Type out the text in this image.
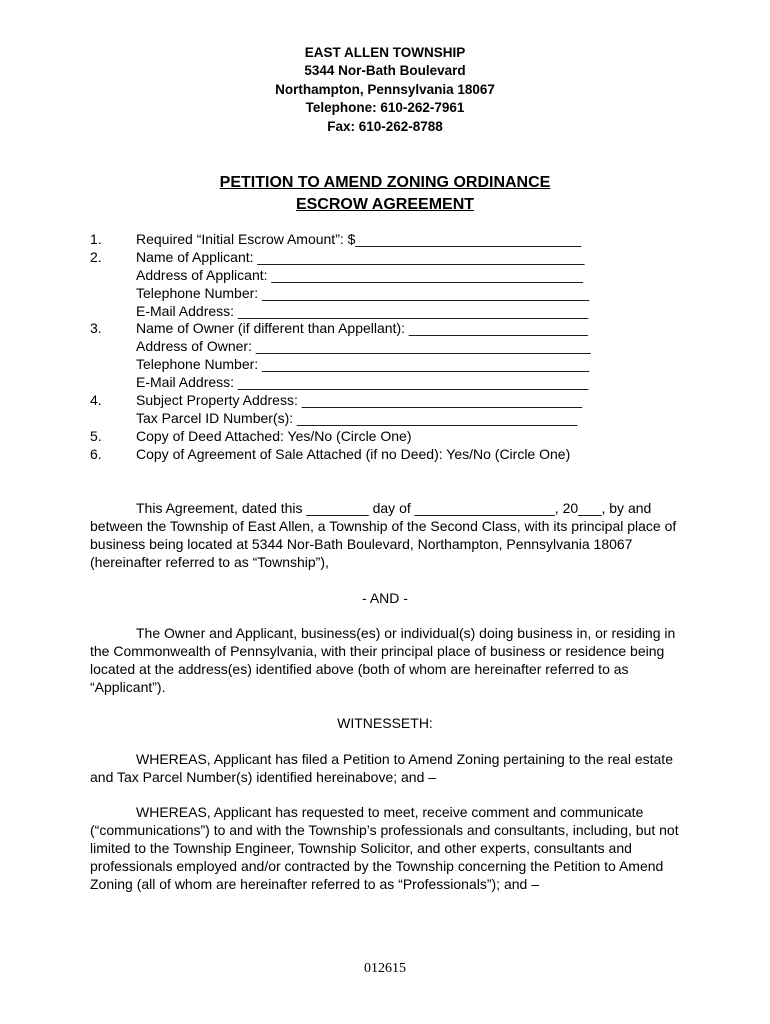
EAST ALLEN TOWNSHIP
5344 Nor-Bath Boulevard
Northampton, Pennsylvania 18067
Telephone: 610-262-7961
Fax: 610-262-8788
PETITION TO AMEND ZONING ORDINANCE
ESCROW AGREEMENT
1.	Required “Initial Escrow Amount”: $_____________________________
2.	Name of Applicant: __________________________________________
Address of Applicant: ________________________________________
Telephone Number: __________________________________________
E-Mail Address: _____________________________________________
3.	Name of Owner (if different than Appellant): _______________________
Address of Owner: ___________________________________________
Telephone Number: __________________________________________
E-Mail Address: _____________________________________________
4.	Subject Property Address: ____________________________________
Tax Parcel ID Number(s): ____________________________________
5.	Copy of Deed Attached: Yes/No (Circle One)
6.	Copy of Agreement of Sale Attached (if no Deed): Yes/No (Circle One)

This Agreement, dated this ________ day of __________________, 20___, by and between the Township of East Allen, a Township of the Second Class, with its principal place of business being located at 5344 Nor-Bath Boulevard, Northampton, Pennsylvania 18067 (hereinafter referred to as “Township”),

- AND -

The Owner and Applicant, business(es) or individual(s) doing business in, or residing in the Commonwealth of Pennsylvania, with their principal place of business or residence being located at the address(es) identified above (both of whom are hereinafter referred to as “Applicant”).

WITNESSETH:

WHEREAS, Applicant has filed a Petition to Amend Zoning pertaining to the real estate and Tax Parcel Number(s) identified hereinabove; and –

WHEREAS, Applicant has requested to meet, receive comment and communicate (“communications”) to and with the Township’s professionals and consultants, including, but not limited to the Township Engineer, Township Solicitor, and other experts, consultants and professionals employed and/or contracted by the Township concerning the Petition to Amend Zoning (all of whom are hereinafter referred to as “Professionals”); and –

012615
